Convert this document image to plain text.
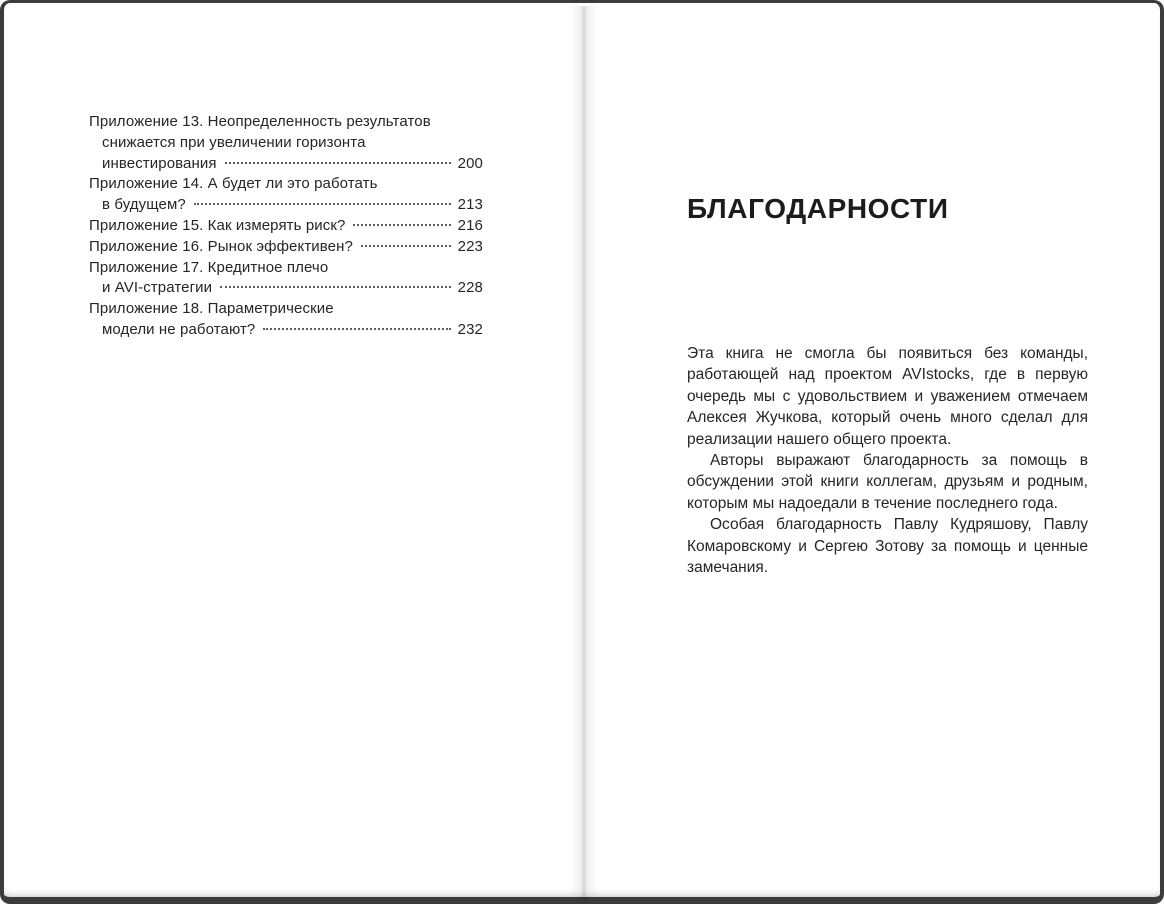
Приложение 13. Неопределенность результатов
снижается при увеличении горизонта
инвестирования	200
Приложение 14. А будет ли это работать
в будущем?	213
Приложение 15. Как измерять риск?	216
Приложение 16. Рынок эффективен?	223
Приложение 17. Кредитное плечо
и AVI-стратегии	228
Приложение 18. Параметрические
модели не работают?	232
БЛАГОДАРНОСТИ

Эта книга не смогла бы появиться без команды, работающей над проектом AVIstocks, где в первую очередь мы с удовольствием и уважением отмечаем Алексея Жучкова, который очень много сделал для реализации нашего общего проекта.

Авторы выражают благодарность за помощь в обсуждении этой книги коллегам, друзьям и родным, которым мы надоедали в течение последнего года.

Особая благодарность Павлу Кудряшову, Павлу Комаровскому и Сергею Зотову за помощь и ценные замечания.
